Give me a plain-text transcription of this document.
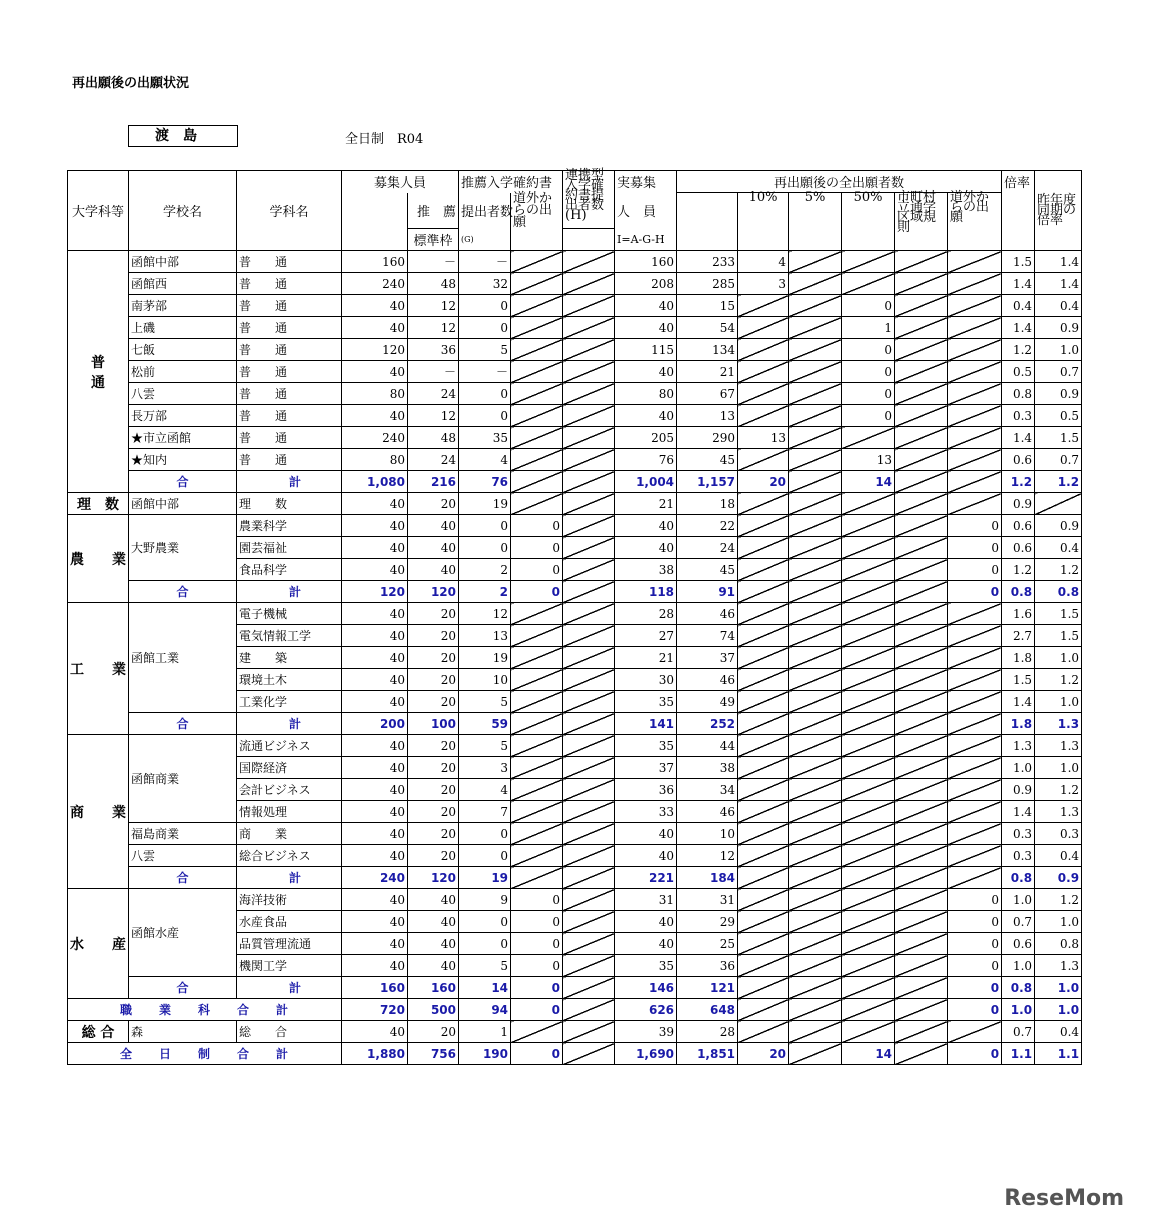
再出願後の出願状況
渡島	全日制　R04
大学科等	学校名	学科名	募集人員		推薦入学確約書		連携型入学確約書提出者数(H)	実募集	再出願後の全出願者数						倍率	昨年度同期の倍率
				推　薦	提出者数	道外からの出願		人　員		10%	5%	50%	市町村立通学区域規則	道外からの出願		
				標準枠	(G)			I=A-G-H								
普　　　通	函館中部	普　　通	160	－	－			160	233	4					1.5	1.4
	函館西	普　　通	240	48	32			208	285	3					1.4	1.4
	南茅部	普　　通	40	12	0			40	15			0			0.4	0.4
	上磯	普　　通	40	12	0			40	54			1			1.4	0.9
	七飯	普　　通	120	36	5			115	134			0			1.2	1.0
	松前	普　　通	40	－	－			40	21			0			0.5	0.7
	八雲	普　　通	80	24	0			80	67			0			0.8	0.9
	長万部	普　　通	40	12	0			40	13			0			0.3	0.5
	★市立函館	普　　通	240	48	35			205	290	13					1.4	1.5
	★知内	普　　通	80	24	4			76	45			13			0.6	0.7
	合	計	1,080	216	76			1,004	1,157	20		14			1.2	1.2
理　数	函館中部	理　　数	40	20	19			21	18						0.9	
農　　業	大野農業	農業科学	40	40	0	0		40	22					0	0.6	0.9
		園芸福祉	40	40	0	0		40	24					0	0.6	0.4
		食品科学	40	40	2	0		38	45					0	1.2	1.2
	合	計	120	120	2	0		118	91					0	0.8	0.8
工　　業	函館工業	電子機械	40	20	12			28	46						1.6	1.5
		電気情報工学	40	20	13			27	74						2.7	1.5
		建　　築	40	20	19			21	37						1.8	1.0
		環境土木	40	20	10			30	46						1.5	1.2
		工業化学	40	20	5			35	49						1.4	1.0
	合	計	200	100	59			141	252						1.8	1.3
商　　業	函館商業	流通ビジネス	40	20	5			35	44						1.3	1.3
		国際経済	40	20	3			37	38						1.0	1.0
		会計ビジネス	40	20	4			36	34						0.9	1.2
		情報処理	40	20	7			33	46						1.4	1.3
	福島商業	商　　業	40	20	0			40	10						0.3	0.3
	八雲	総合ビジネス	40	20	0			40	12						0.3	0.4
	合	計	240	120	19			221	184						0.8	0.9
水　　産	函館水産	海洋技術	40	40	9	0		31	31					0	1.0	1.2
		水産食品	40	40	0	0		40	29					0	0.7	1.0
		品質管理流通	40	40	0	0		40	25					0	0.6	0.8
		機関工学	40	40	5	0		35	36					0	1.0	1.3
	合	計	160	160	14	0		146	121					0	0.8	1.0
職　　業　　科　　合　　計			720	500	94	0		626	648					0	1.0	1.0
総 合	森	総　　合	40	20	1			39	28						0.7	0.4
全　　日　　制　　合　　計			1,880	756	190	0		1,690	1,851	20		14		0	1.1	1.1
ReseMom
